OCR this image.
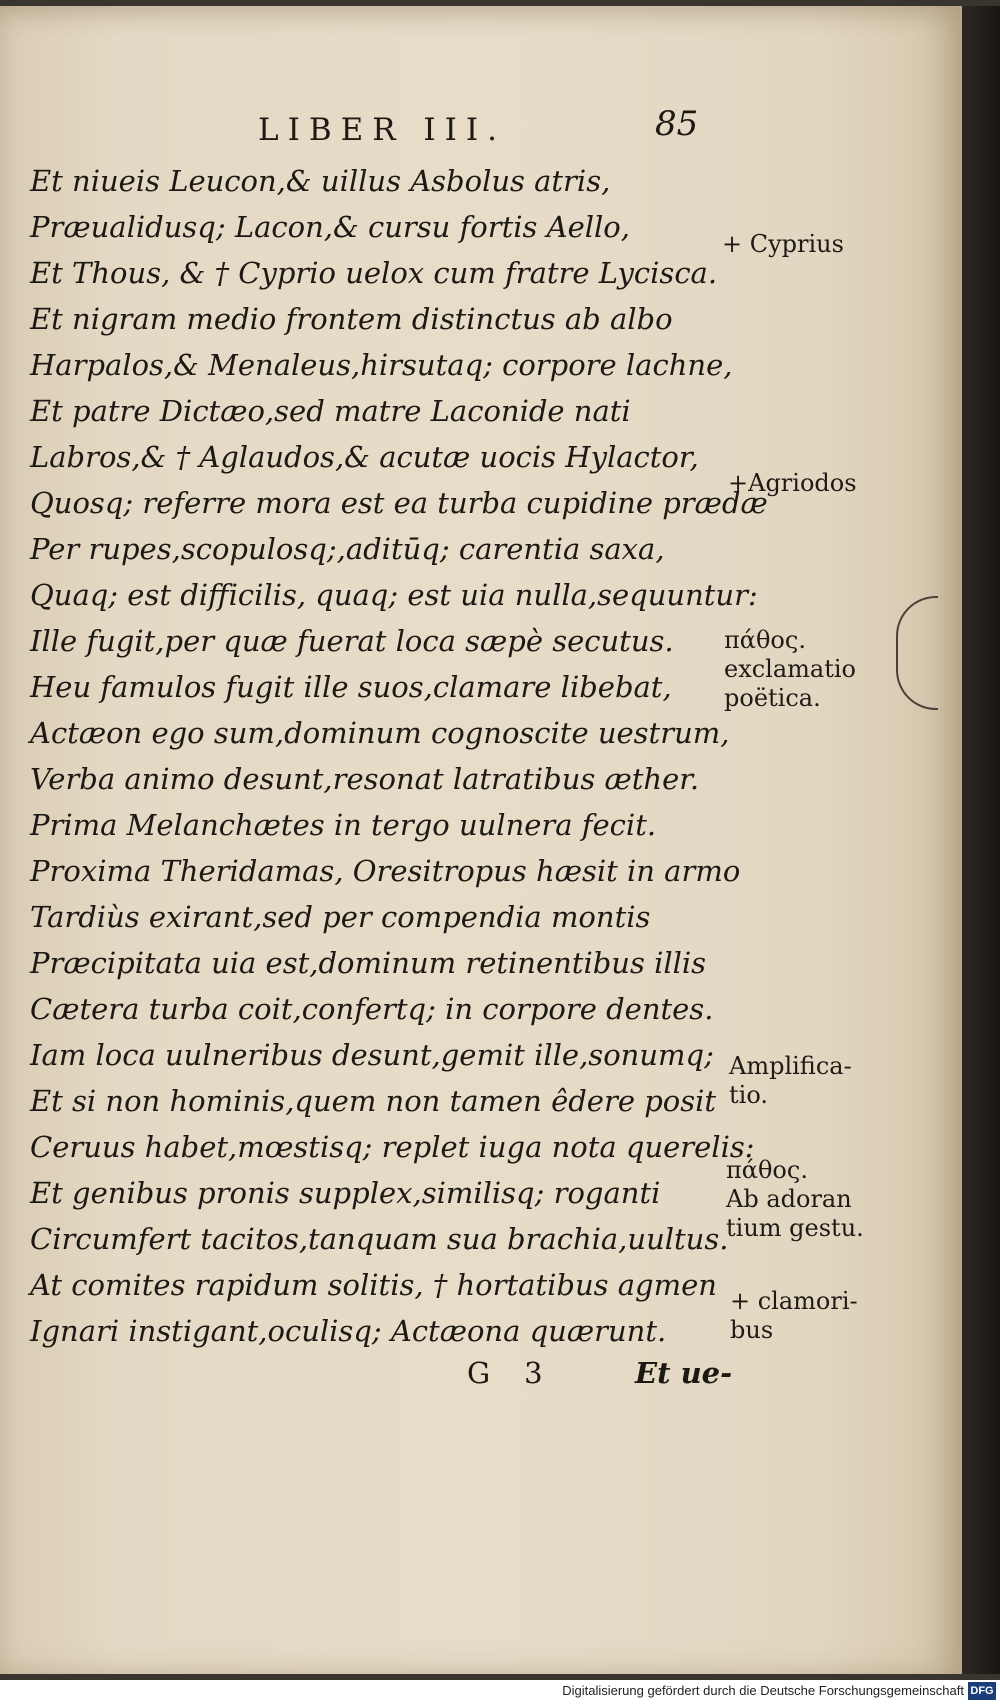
LIBER III.	85
Et niueis Leucon,& uillus Asbolus atris,
Præualidusq; Lacon,& cursu fortis Aello,
Et Thous, & † Cyprio uelox cum fratre Lycisca.
Et nigram medio frontem distinctus ab albo
Harpalos,& Menaleus,hirsutaq; corpore lachne,
Et patre Dictæo,sed matre Laconide nati
Labros,& † Aglaudos,& acutæ uocis Hylactor,
Quosq; referre mora est ea turba cupidine prædæ
Per rupes,scopulosq;,aditūq; carentia saxa,
Quaq; est difficilis, quaq; est uia nulla,sequuntur:
Ille fugit,per quæ fuerat loca sæpè secutus.
Heu famulos fugit ille suos,clamare libebat,
Actæon ego sum,dominum cognoscite uestrum,
Verba animo desunt,resonat latratibus æther.
Prima Melanchætes in tergo uulnera fecit.
Proxima Theridamas, Oresitropus hæsit in armo
Tardiùs exirant,sed per compendia montis
Præcipitata uia est,dominum retinentibus illis
Cætera turba coit,confertq; in corpore dentes.
Iam loca uulneribus desunt,gemit ille,sonumq;
Et si non hominis,quem non tamen êdere posit
Ceruus habet,mœstisq; replet iuga nota querelis:
Et genibus pronis supplex,similisq; roganti
Circumfert tacitos,tanquam sua brachia,uultus.
At comites rapidum solitis, † hortatibus agmen
Ignari instigant,oculisq; Actæona quærunt.
+ Cyprius
+Agriodos
πάθος.
exclamatio
poëtica.
Amplifica-
tio.
πάθος.
Ab adoran
tium gestu.
+ clamori-
bus
G 3	Et ue-
Digitalisierung gefördert durch die Deutsche Forschungsgemeinschaft DFG
